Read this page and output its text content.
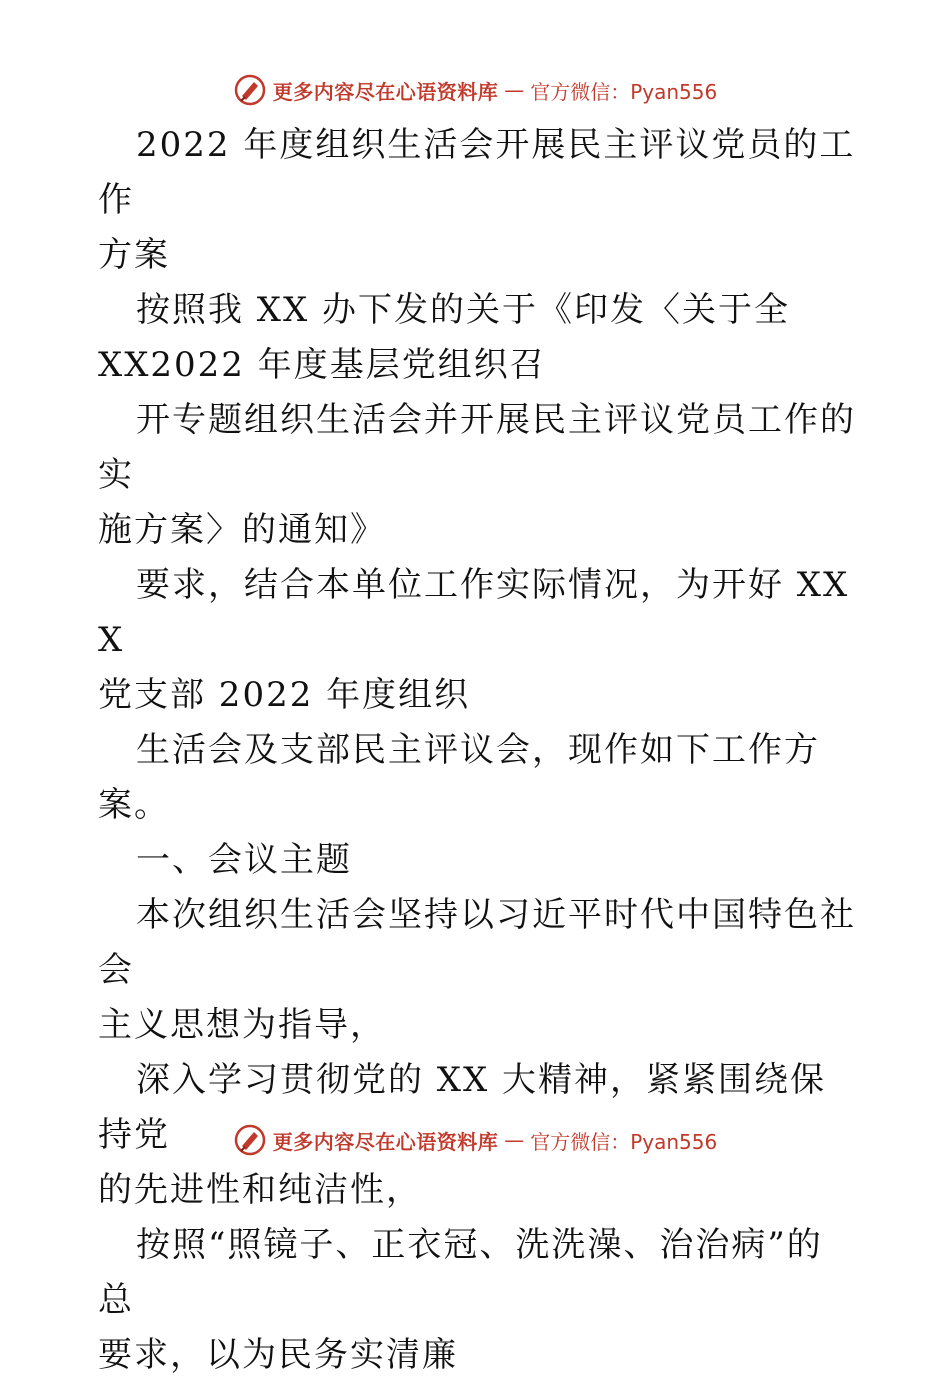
更多内容尽在心语资料库 — 官方微信：Pyan556

2022 年度组织生活会开展民主评议党员的工作

方案

按照我 XX 办下发的关于《印发〈关于全

XX2022 年度基层党组织召

开专题组织生活会并开展民主评议党员工作的实

施方案〉的通知》

要求，结合本单位工作实际情况，为开好 XXX

党支部 2022 年度组织

生活会及支部民主评议会，现作如下工作方案。

一、会议主题

本次组织生活会坚持以习近平时代中国特色社会

主义思想为指导，

深入学习贯彻党的 XX 大精神，紧紧围绕保持党

的先进性和纯洁性，

按照“照镜子、正衣冠、洗洗澡、治治病”的总

要求，以为民务实清廉

更多内容尽在心语资料库 — 官方微信：Pyan556
